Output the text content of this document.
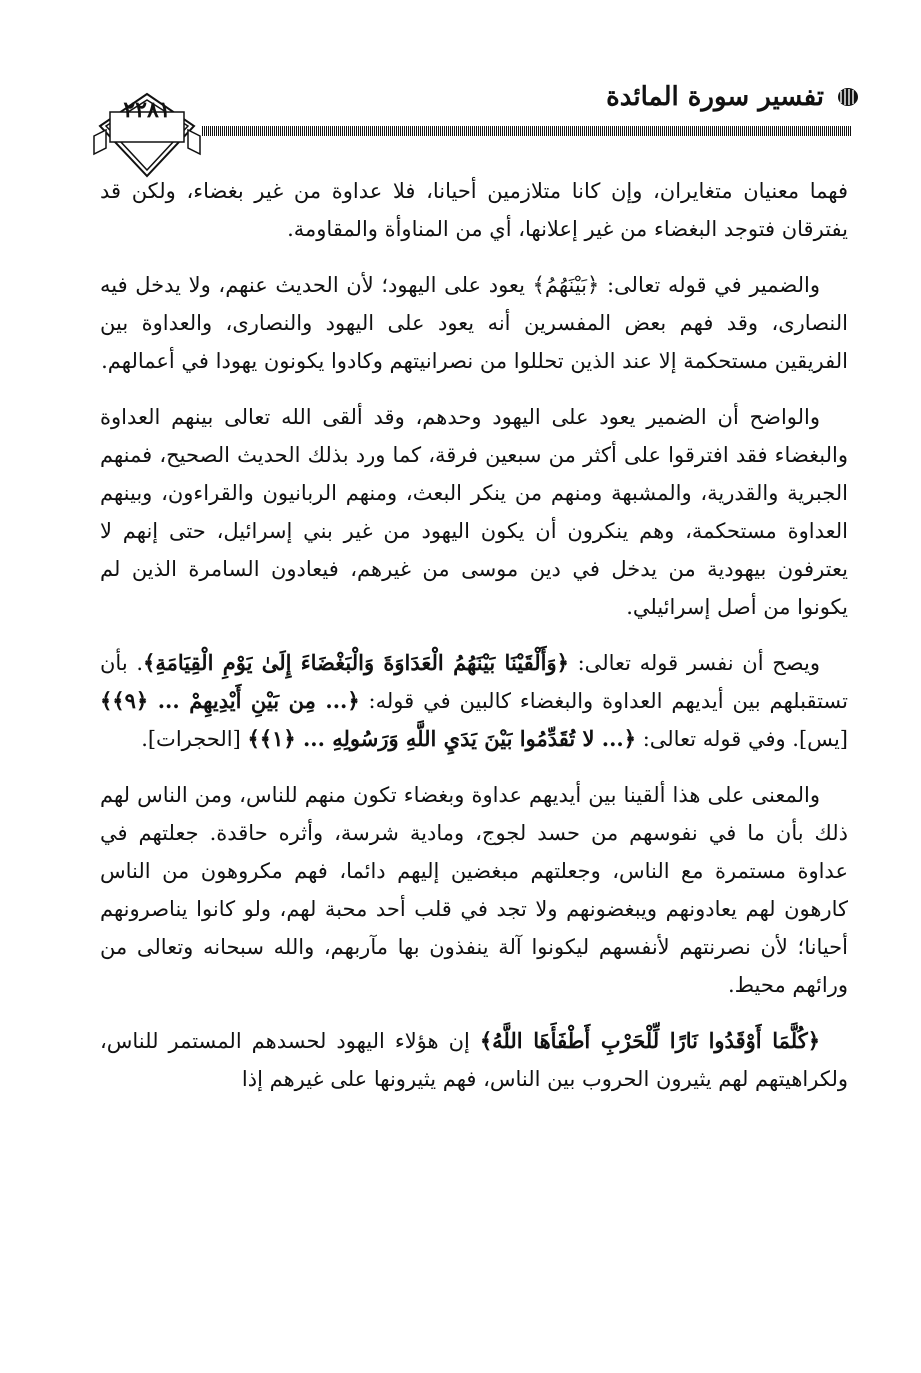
٢٢٨١	تفسير سورة المائدة

فهما معنيان متغايران، وإن كانا متلازمين أحيانا، فلا عداوة من غير بغضاء، ولكن قد يفترقان فتوجد البغضاء من غير إعلانها، أي من المناوأة والمقاومة.

والضمير في قوله تعالى: ﴿بَيْنَهُمُ﴾ يعود على اليهود؛ لأن الحديث عنهم، ولا يدخل فيه النصارى، وقد فهم بعض المفسرين أنه يعود على اليهود والنصارى، والعداوة بين الفريقين مستحكمة إلا عند الذين تحللوا من نصرانيتهم وكادوا يكونون يهودا في أعمالهم.

والواضح أن الضمير يعود على اليهود وحدهم، وقد ألقى الله تعالى بينهم العداوة والبغضاء فقد افترقوا على أكثر من سبعين فرقة، كما ورد بذلك الحديث الصحيح، فمنهم الجبرية والقدرية، والمشبهة ومنهم من ينكر البعث، ومنهم الربانيون والقراءون، وبينهم العداوة مستحكمة، وهم ينكرون أن يكون اليهود من غير بني إسرائيل، حتى إنهم لا يعترفون بيهودية من يدخل في دين موسى من غيرهم، فيعادون السامرة الذين لم يكونوا من أصل إسرائيلي.

ويصح أن نفسر قوله تعالى: ﴿وَأَلْقَيْنَا بَيْنَهُمُ الْعَدَاوَةَ وَالْبَغْضَاءَ إِلَىٰ يَوْمِ الْقِيَامَةِ﴾. بأن تستقبلهم بين أيديهم العداوة والبغضاء كالبين في قوله: ﴿... مِن بَيْنِ أَيْدِيهِمْ ... ﴿٩﴾﴾ [يس]. وفي قوله تعالى: ﴿... لا تُقَدِّمُوا بَيْنَ يَدَيِ اللَّهِ وَرَسُولِهِ ... ﴿١﴾﴾ [الحجرات].

والمعنى على هذا ألقينا بين أيديهم عداوة وبغضاء تكون منهم للناس، ومن الناس لهم ذلك بأن ما في نفوسهم من حسد لجوج، ومادية شرسة، وأثره حاقدة. جعلتهم في عداوة مستمرة مع الناس، وجعلتهم مبغضين إليهم دائما، فهم مكروهون من الناس كارهون لهم يعادونهم ويبغضونهم ولا تجد في قلب أحد محبة لهم، ولو كانوا يناصرونهم أحيانا؛ لأن نصرنتهم لأنفسهم ليكونوا آلة ينفذون بها مآربهم، والله سبحانه وتعالى من ورائهم محيط.

﴿كُلَّمَا أَوْقَدُوا نَارًا لِّلْحَرْبِ أَطْفَأَهَا اللَّهُ﴾ إن هؤلاء اليهود لحسدهم المستمر للناس، ولكراهيتهم لهم يثيرون الحروب بين الناس، فهم يثيرونها على غيرهم إذا
